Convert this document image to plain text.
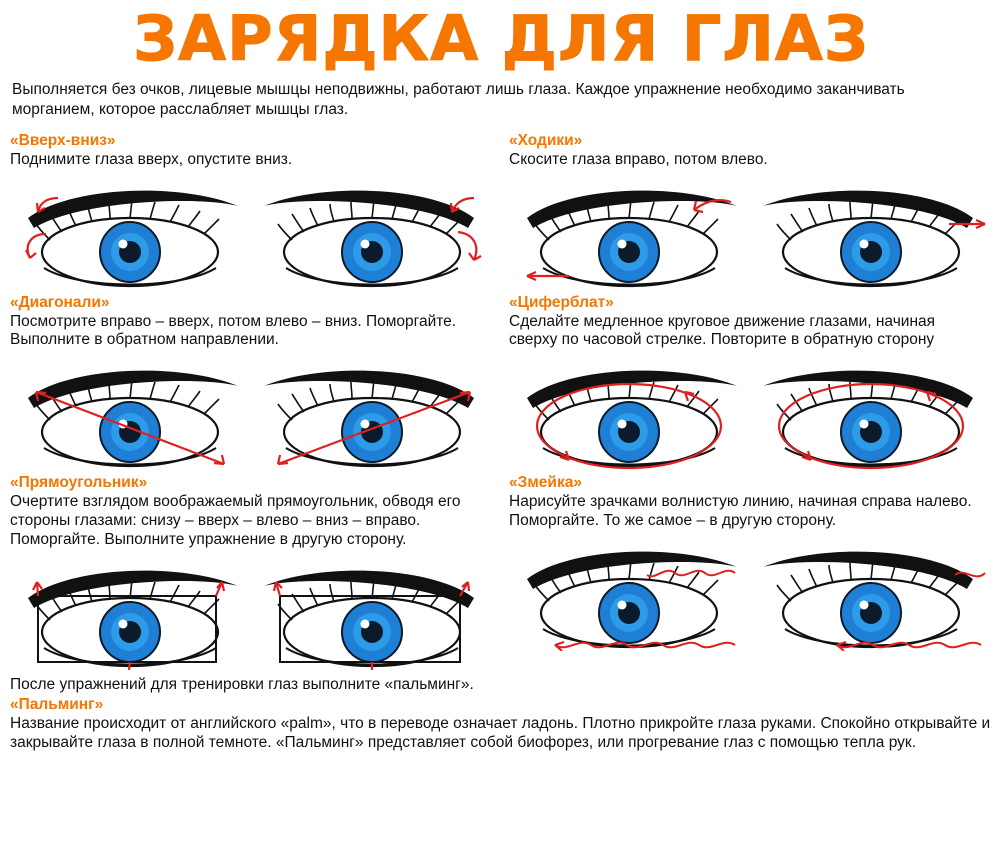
ЗАРЯДКА ДЛЯ ГЛАЗ
Выполняется без очков, лицевые мышцы неподвижны, работают лишь глаза. Каждое упражнение необходимо заканчивать морганием, которое расслабляет мышцы глаз.
«Вверх-вниз»
Поднимите глаза вверх, опустите вниз.
«Диагонали»
Посмотрите вправо – вверх, потом влево – вниз. Поморгайте. Выполните в обратном направлении.
«Прямоугольник»
Очертите взглядом воображаемый прямоугольник, обводя его стороны глазами: снизу – вверх – влево – вниз – вправо. Поморгайте. Выполните упражнение в другую сторону.
«Ходики»
Скосите глаза вправо, потом влево.
«Циферблат»
Сделайте медленное круговое движение глазами, начиная сверху по часовой стрелке. Повторите в обратную сторону
«Змейка»
Нарисуйте зрачками волнистую линию, начиная справа налево. Поморгайте. То же самое – в другую сторону.
После упражнений для тренировки глаз выполните «пальминг».
«Пальминг»
Название происходит от английского «palm», что в переводе означает ладонь. Плотно прикройте глаза руками. Спокойно открывайте и закрывайте глаза в полной темноте. «Пальминг» представляет собой биофорез, или прогревание глаз с помощью тепла рук.
